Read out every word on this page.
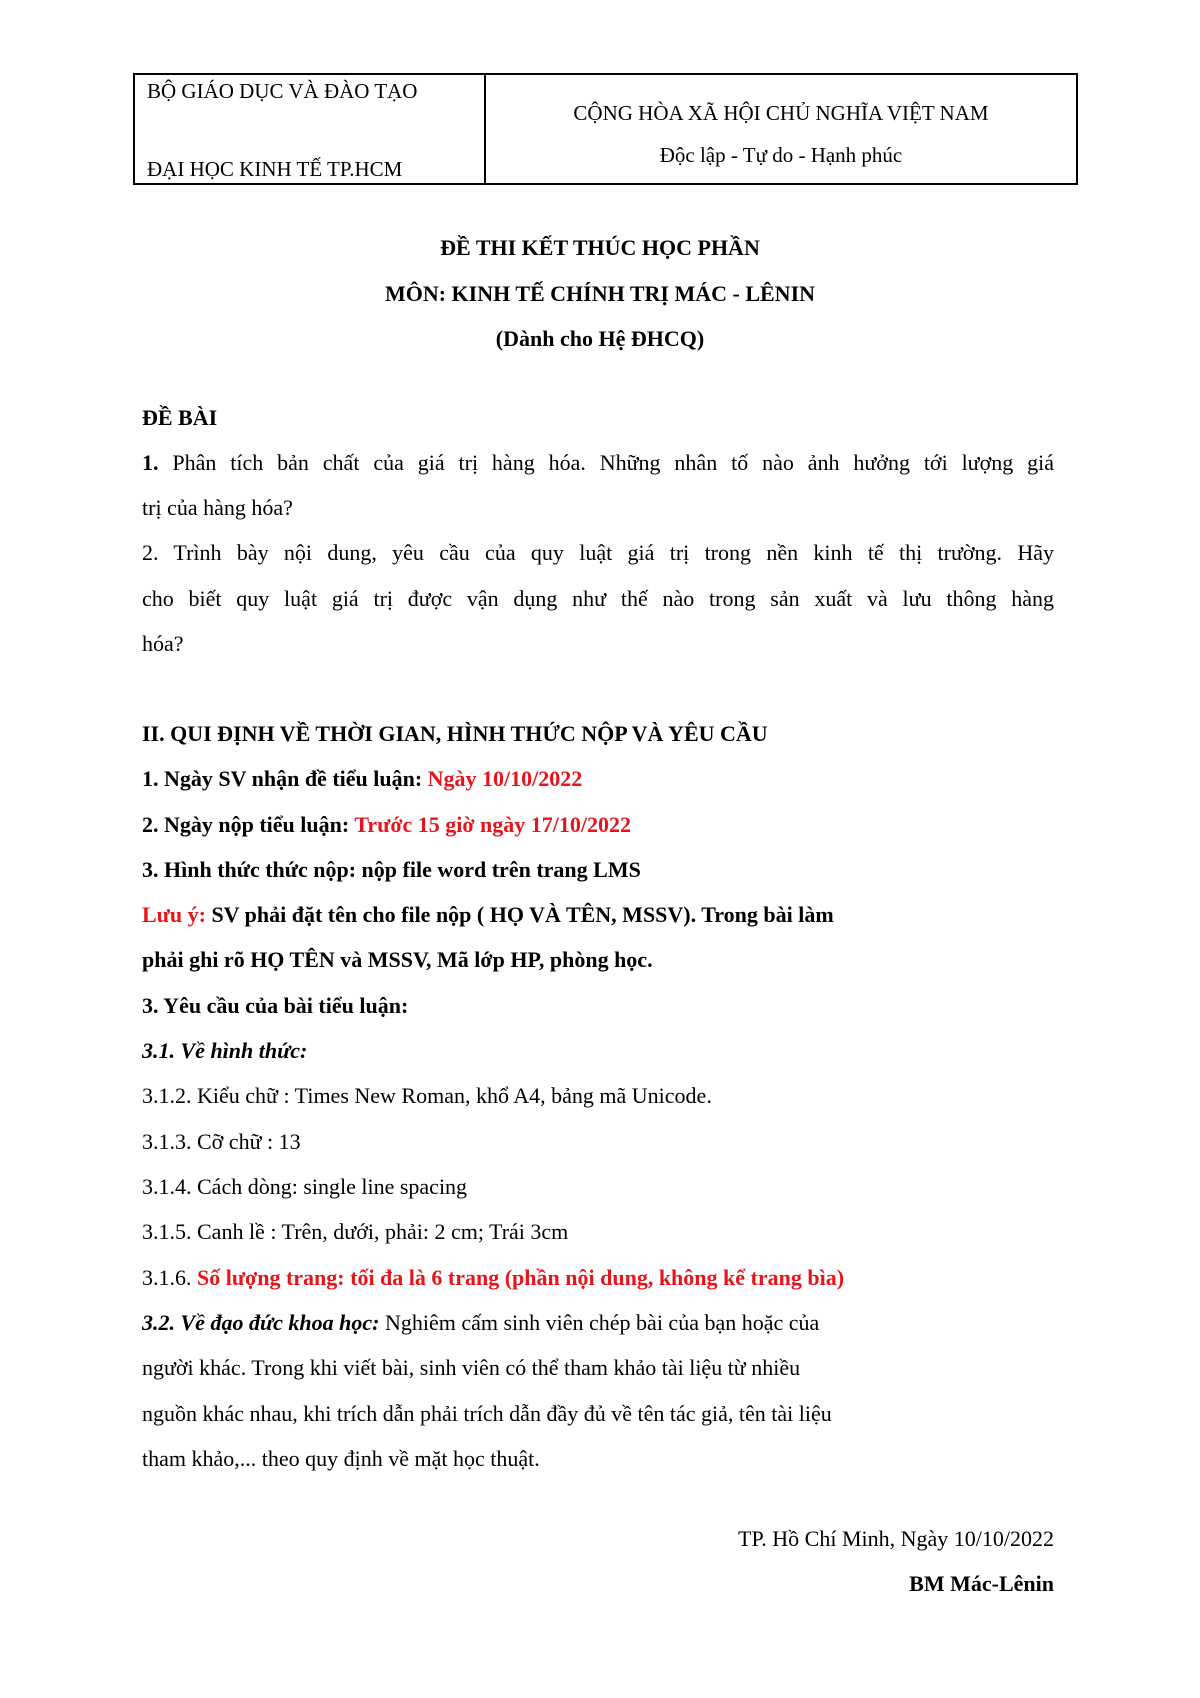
BỘ GIÁO DỤC VÀ ĐÀO TẠO
ĐẠI HỌC KINH TẾ TP.HCM
CỘNG HÒA XÃ HỘI CHỦ NGHĨA VIỆT NAM
Độc lập - Tự do - Hạnh phúc
ĐỀ THI KẾT THÚC HỌC PHẦN
MÔN: KINH TẾ CHÍNH TRỊ MÁC - LÊNIN
(Dành cho Hệ ĐHCQ)
ĐỀ BÀI
1. Phân tích bản chất của giá trị hàng hóa. Những nhân tố nào ảnh hưởng tới lượng giá
trị của hàng hóa?
2. Trình bày nội dung, yêu cầu của quy luật giá trị trong nền kinh tế thị trường. Hãy
cho biết quy luật giá trị được vận dụng như thế nào trong sản xuất và lưu thông hàng
hóa?
II. QUI ĐỊNH VỀ THỜI GIAN, HÌNH THỨC NỘP VÀ YÊU CẦU
1. Ngày SV nhận đề tiểu luận: Ngày 10/10/2022
2. Ngày nộp tiểu luận: Trước 15 giờ ngày 17/10/2022
3. Hình thức thức nộp: nộp file word trên trang LMS
Lưu ý: SV phải đặt tên cho file nộp ( HỌ VÀ TÊN, MSSV). Trong bài làm
phải ghi rõ HỌ TÊN và MSSV, Mã lớp HP, phòng học.
3. Yêu cầu của bài tiểu luận:
3.1. Về hình thức:
3.1.2. Kiểu chữ : Times New Roman, khổ A4, bảng mã Unicode.
3.1.3. Cỡ chữ : 13
3.1.4. Cách dòng: single line spacing
3.1.5. Canh lề : Trên, dưới, phải: 2 cm; Trái 3cm
3.1.6. Số lượng trang: tối đa là 6 trang (phần nội dung, không kể trang bìa)
3.2. Về đạo đức khoa học: Nghiêm cấm sinh viên chép bài của bạn hoặc của
người khác. Trong khi viết bài, sinh viên có thể tham khảo tài liệu từ nhiều
nguồn khác nhau, khi trích dẫn phải trích dẫn đầy đủ về tên tác giả, tên tài liệu
tham khảo,... theo quy định về mặt học thuật.
TP. Hồ Chí Minh, Ngày 10/10/2022
BM Mác-Lênin
